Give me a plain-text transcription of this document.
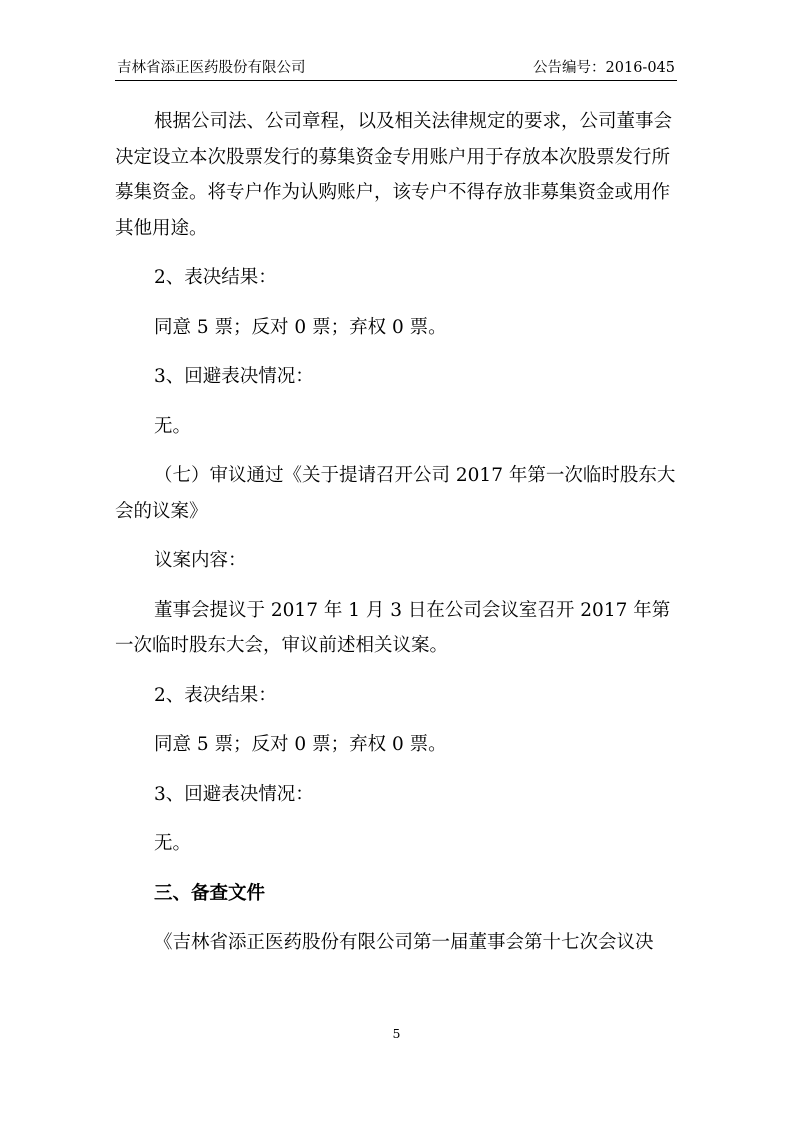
吉林省添正医药股份有限公司	公告编号：2016-045

根据公司法、公司章程，以及相关法律规定的要求，公司董事会决定设立本次股票发行的募集资金专用账户用于存放本次股票发行所募集资金。将专户作为认购账户，该专户不得存放非募集资金或用作其他用途。

2、表决结果：

同意 5 票；反对 0 票；弃权 0 票。

3、回避表决情况：

无。

（七）审议通过《关于提请召开公司 2017 年第一次临时股东大会的议案》

议案内容：

董事会提议于 2017 年 1 月 3 日在公司会议室召开 2017 年第一次临时股东大会，审议前述相关议案。

2、表决结果：

同意 5 票；反对 0 票；弃权 0 票。

3、回避表决情况：

无。

三、备查文件

《吉林省添正医药股份有限公司第一届董事会第十七次会议决

5
